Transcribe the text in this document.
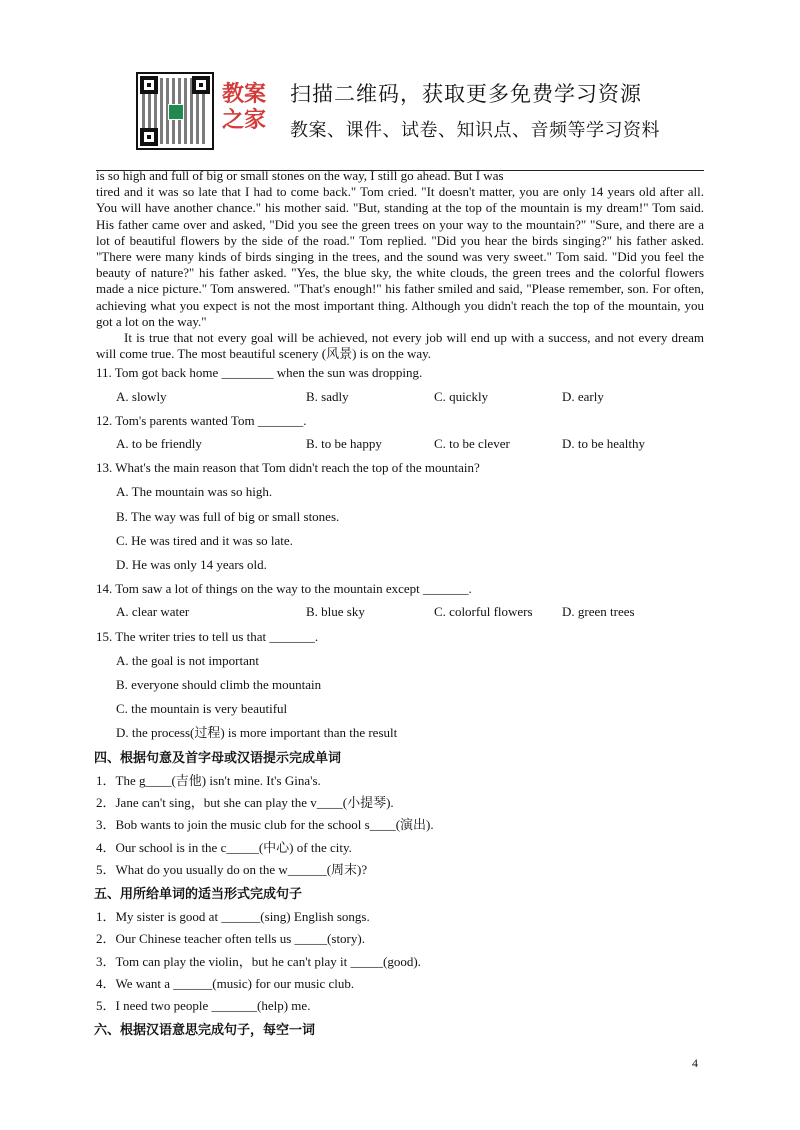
教案
之家
扫描二维码，获取更多免费学习资源
教案、课件、试卷、知识点、音频等学习资料

is so high and full of big or small stones on the way, I still go ahead. But I was

tired and it was so late that I had to come back." Tom cried. "It doesn't matter, you are only 14 years old after all. You will have another chance." his mother said. "But, standing at the top of the mountain is my dream!" Tom said. His father came over and asked, "Did you see the green trees on your way to the mountain?" "Sure, and there are a lot of beautiful flowers by the side of the road." Tom replied. "Did you hear the birds singing?" his father asked. "There were many kinds of birds singing in the trees, and the sound was very sweet." Tom said. "Did you feel the beauty of nature?" his father asked. "Yes, the blue sky, the white clouds, the green trees and the colorful flowers made a nice picture." Tom answered. "That's enough!" his father smiled and said, "Please remember, son. For often, achieving what you expect is not the most important thing. Although you didn't reach the top of the mountain, you got a lot on the way."

It is true that not every goal will be achieved, not every job will end up with a success, and not every dream will come true. The most beautiful scenery (风景) is on the way.

11. Tom got back home ________ when the sun was dropping.

A. slowly	B. sadly	C. quickly	D. early

12. Tom's parents wanted Tom _______.

A. to be friendly	B. to be happy	C. to be clever	D. to be healthy

13. What's the main reason that Tom didn't reach the top of the mountain?

A. The mountain was so high.

B. The way was full of big or small stones.

C. He was tired and it was so late.

D. He was only 14 years old.

14. Tom saw a lot of things on the way to the mountain except _______.

A. clear water	B. blue sky	C. colorful flowers	D. green trees

15. The writer tries to tell us that _______.

A. the goal is not important

B. everyone should climb the mountain

C. the mountain is very beautiful

D. the process(过程) is more important than the result

四、根据句意及首字母或汉语提示完成单词

1．The g____(吉他) isn't mine. It's Gina's.

2．Jane can't sing，but she can play the v____(小提琴).

3．Bob wants to join the music club for the school s____(演出).

4．Our school is in the c_____(中心) of the city.

5．What do you usually do on the w______(周末)?

五、用所给单词的适当形式完成句子

1．My sister is good at ______(sing) English songs.

2．Our Chinese teacher often tells us _____(story).

3．Tom can play the violin，but he can't play it _____(good).

4．We want a ______(music) for our music club.

5．I need two people _______(help) me.

六、根据汉语意思完成句子，每空一词

4
